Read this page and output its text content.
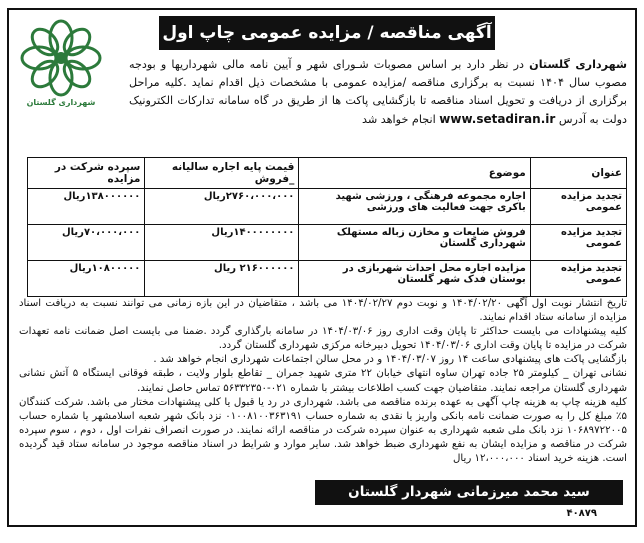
شهرداری گلستان
آگهی مناقصه / مزایده عمومی چاپ اول
شهرداری گلستان در نظر دارد بر اساس مصوبات شـورای شهر و آیین نامه مالی شهرداریها و بودجه مصوب سال ۱۴۰۴ نسبت به برگزاری مناقصه /مزایده عمومی با مشخصات ذیل اقدام نماید .کلیه مراحل برگزاری از دریافت و تحویل اسناد مناقصه تا بازگشایی پاکت ها از طریق در گاه سامانه تدارکات الکترونیک دولت به آدرس www.setadiran.ir انجام خواهد شد
عنوان	موضوع	قیمت پایه اجاره سالیانه _فروش	سپرده شرکت در مزایده
تجدید مزایده عمومی	اجاره مجموعه فرهنگی ، ورزشی شهید باکری جهت فعالیت های ورزشی	۲۷۶۰،۰۰۰،۰۰۰ریال	۱۳۸۰۰۰۰۰۰ریال
تجدید مزایده عمومی	فروش ضایعات و مخازن زباله مستهلک شهرداری گلستان	۱۴۰۰۰۰۰۰۰۰ریال	۷۰،۰۰۰،۰۰۰ریال
تجدید مزایده عمومی	مزایده اجاره محل احداث شهربازی در بوستان فدک شهر گلستان	۲۱۶۰۰۰۰۰۰ ریال	۱۰۸۰۰۰۰۰ریال

تاریخ انتشار نوبت اول آگهی ۱۴۰۴/۰۲/۲۰ و نوبت دوم ۱۴۰۴/۰۲/۲۷ می باشد ، متقاضیان در این بازه زمانی می توانند نسبت به دریافت اسناد مزایده از سامانه ستاد اقدام نمایند.

کلیه پیشنهادات می بایست حداکثر تا پایان وقت اداری روز ۱۴۰۴/۰۳/۰۶ در سامانه بارگذاری گردد .ضمنا می بایست اصل ضمانت نامه تعهدات شرکت در مزایده تا پایان وقت اداری ۱۴۰۴/۰۳/۰۶ تحویل دبیرخانه مرکزی شهرداری گلستان گردد.

بازگشایی پاکت های پیشنهادی ساعت ۱۴ روز ۱۴۰۴/۰۳/۰۷ و در محل سالن اجتماعات شهرداری انجام خواهد شد .

نشانی تهران _ کیلومتر ۲۵ جاده تهران ساوه انتهای خیابان ۲۲ متری شهید جمران _ تقاطع بلوار ولایت ، طبقه فوقانی ایستگاه ۵ آتش نشانی شهرداری گلستان مراجعه نمایند. متقاضیان جهت کسب اطلاعات بیشتر با شماره ۰۲۱-۵۶۳۳۲۳۵۰ تماس حاصل نمایند.

کلیه هزینه چاپ به هزینه چاپ آگهی به عهده برنده مناقصه می باشد. شهرداری در رد یا قبول یا کلی پیشنهادات مختار می باشد. شرکت کنندگان ۵٪ مبلغ کل را به صورت ضمانت نامه بانکی واریز یا نقدی به شماره حساب ۰۱۰۰۸۱۰۰۳۶۳۱۹۱ نزد بانک شهر شعبه اسلامشهر یا شماره حساب ۱۰۶۸۹۷۲۲۰۰۵ نزد بانک ملی شعبه شهرداری به عنوان سپرده شرکت در مناقصه ارائه نمایند. در صورت انصراف نفرات اول ، دوم ، سوم سپرده شرکت در مناقصه و مزایده ایشان به نفع شهرداری ضبط خواهد شد. سایر موارد و شرایط در اسناد مناقصه موجود در سامانه ستاد قید گردیده است. هزینه خرید اسناد ۱۲،۰۰۰،۰۰۰ ریال

سید محمد میرزمانی شهردار گلستان
۴۰۸۷۹
